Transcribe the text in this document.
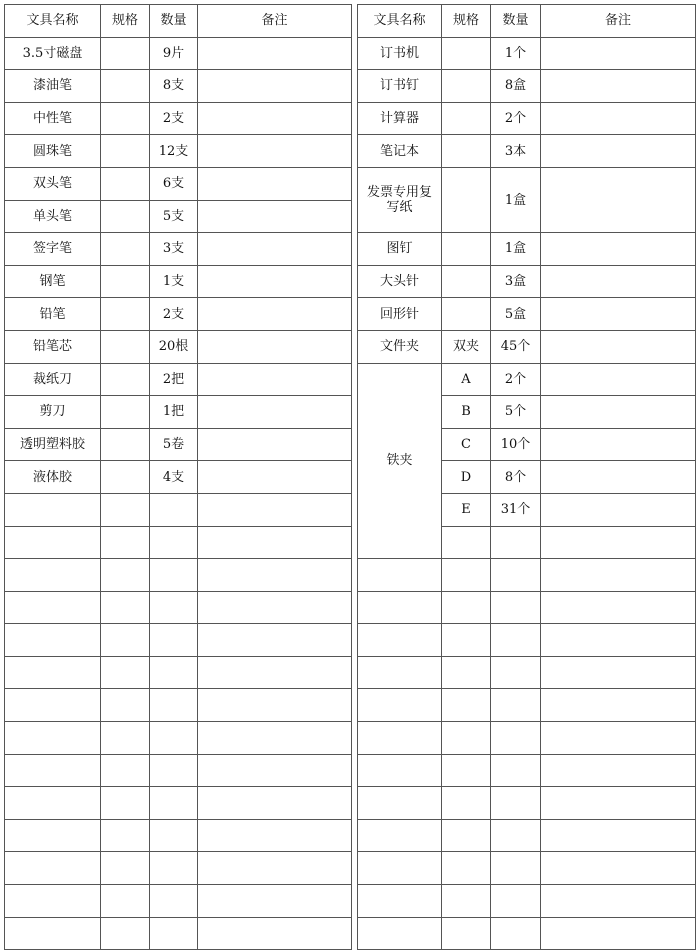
文具名称	规格	数量	备注		文具名称	规格	数量	备注
3.5寸磁盘		9片			订书机		1个	
漆油笔		8支			订书钉		8盒	
中性笔		2支			计算器		2个	
圆珠笔		12支			笔记本		3本	
双头笔		6支			发票专用复写纸		1盒	
单头笔		5支						
签字笔		3支			图钉		1盒	
钢笔		1支			大头针		3盒	
铅笔		2支			回形针		5盒	
铅笔芯		20根			文件夹	双夹	45个	
裁纸刀		2把			铁夹	A	2个	
剪刀		1把				B	5个	
透明塑料胶		5卷				C	10个	
液体胶		4支				D	8个	
						E	31个	
